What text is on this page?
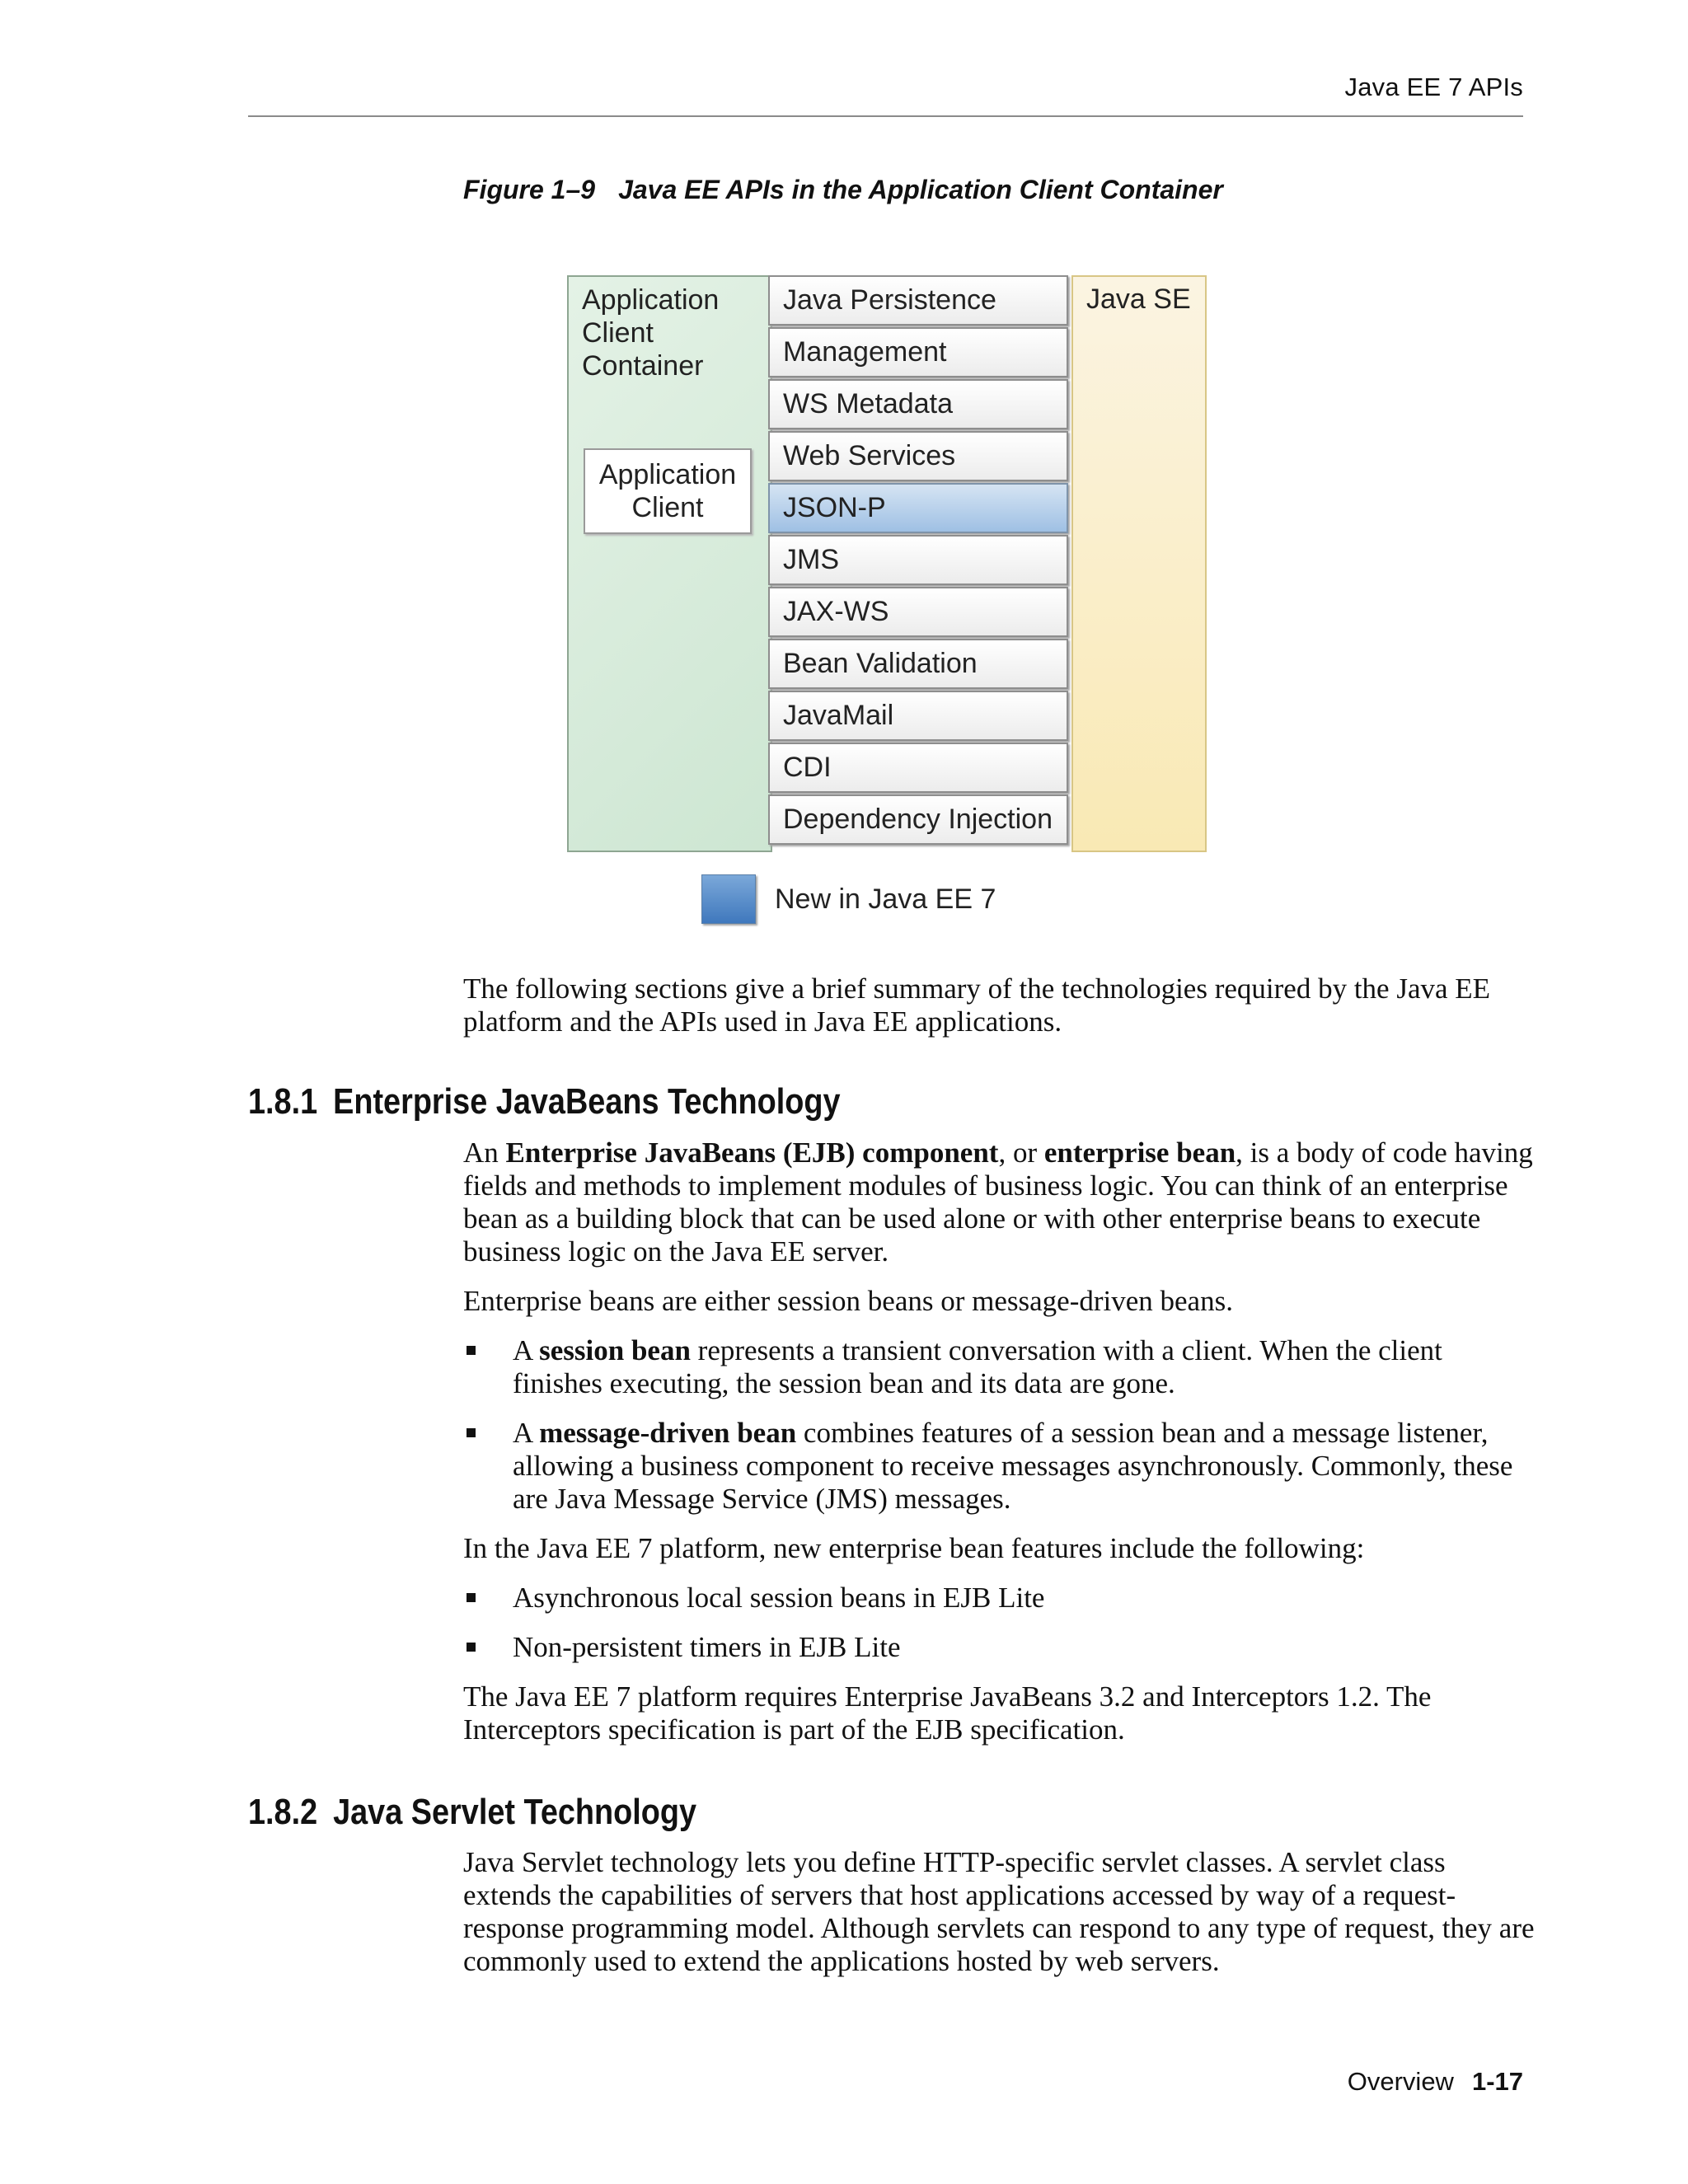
Java EE 7 APIs
Figure 1–9 Java EE APIs in the Application Client Container
Application
Client
Container
Application
Client
Java Persistence
Management
WS Metadata
Web Services
JSON-P
JMS
JAX-WS
Bean Validation
JavaMail
CDI
Dependency Injection
Java SE
New in Java EE 7
The following sections give a brief summary of the technologies required by the Java EE platform and the APIs used in Java EE applications.
1.8.1 Enterprise JavaBeans Technology
An Enterprise JavaBeans (EJB) component, or enterprise bean, is a body of code having fields and methods to implement modules of business logic. You can think of an enterprise bean as a building block that can be used alone or with other enterprise beans to execute business logic on the Java EE server.
Enterprise beans are either session beans or message-driven beans.
A session bean represents a transient conversation with a client. When the client finishes executing, the session bean and its data are gone.
A message-driven bean combines features of a session bean and a message listener, allowing a business component to receive messages asynchronously. Commonly, these are Java Message Service (JMS) messages.
In the Java EE 7 platform, new enterprise bean features include the following:
Asynchronous local session beans in EJB Lite
Non-persistent timers in EJB Lite
The Java EE 7 platform requires Enterprise JavaBeans 3.2 and Interceptors 1.2. The Interceptors specification is part of the EJB specification.
1.8.2 Java Servlet Technology
Java Servlet technology lets you define HTTP-specific servlet classes. A servlet class extends the capabilities of servers that host applications accessed by way of a request-response programming model. Although servlets can respond to any type of request, they are commonly used to extend the applications hosted by web servers.
Overview 1-17
